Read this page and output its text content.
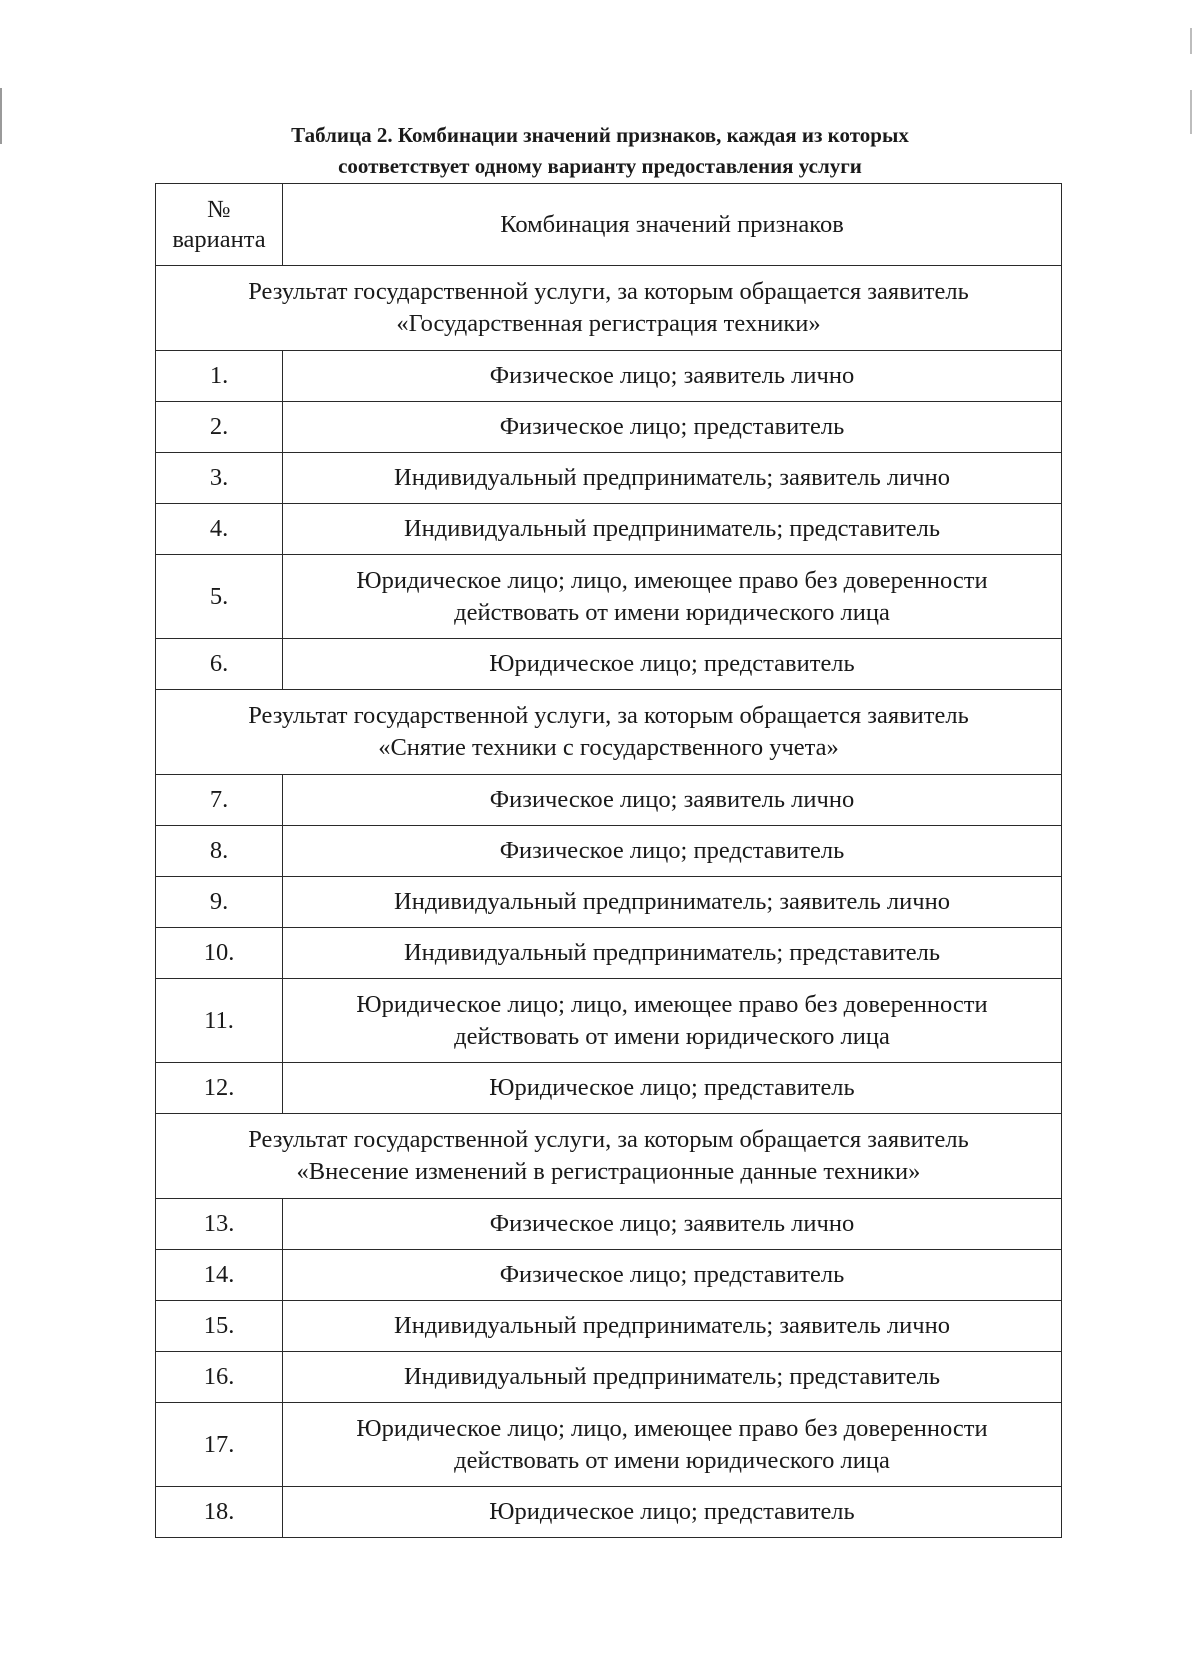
Таблица 2. Комбинации значений признаков, каждая из которых
соответствует одному варианту предоставления услуги
№
варианта	Комбинация значений признаков

Результат государственной услуги, за которым обращается заявитель
«Государственная регистрация техники»	

1.	Физическое лицо; заявитель лично
2.	Физическое лицо; представитель
3.	Индивидуальный предприниматель; заявитель лично
4.	Индивидуальный предприниматель; представитель
5.	Юридическое лицо; лицо, имеющее право без доверенности
действовать от имени юридического лица

6.	Юридическое лицо; представитель

Результат государственной услуги, за которым обращается заявитель
«Снятие техники с государственного учета»	

7.	Физическое лицо; заявитель лично
8.	Физическое лицо; представитель
9.	Индивидуальный предприниматель; заявитель лично
10.	Индивидуальный предприниматель; представитель
11.	Юридическое лицо; лицо, имеющее право без доверенности
действовать от имени юридического лица

12.	Юридическое лицо; представитель

Результат государственной услуги, за которым обращается заявитель
«Внесение изменений в регистрационные данные техники»	

13.	Физическое лицо; заявитель лично
14.	Физическое лицо; представитель
15.	Индивидуальный предприниматель; заявитель лично
16.	Индивидуальный предприниматель; представитель
17.	Юридическое лицо; лицо, имеющее право без доверенности
действовать от имени юридического лица

18.	Юридическое лицо; представитель
